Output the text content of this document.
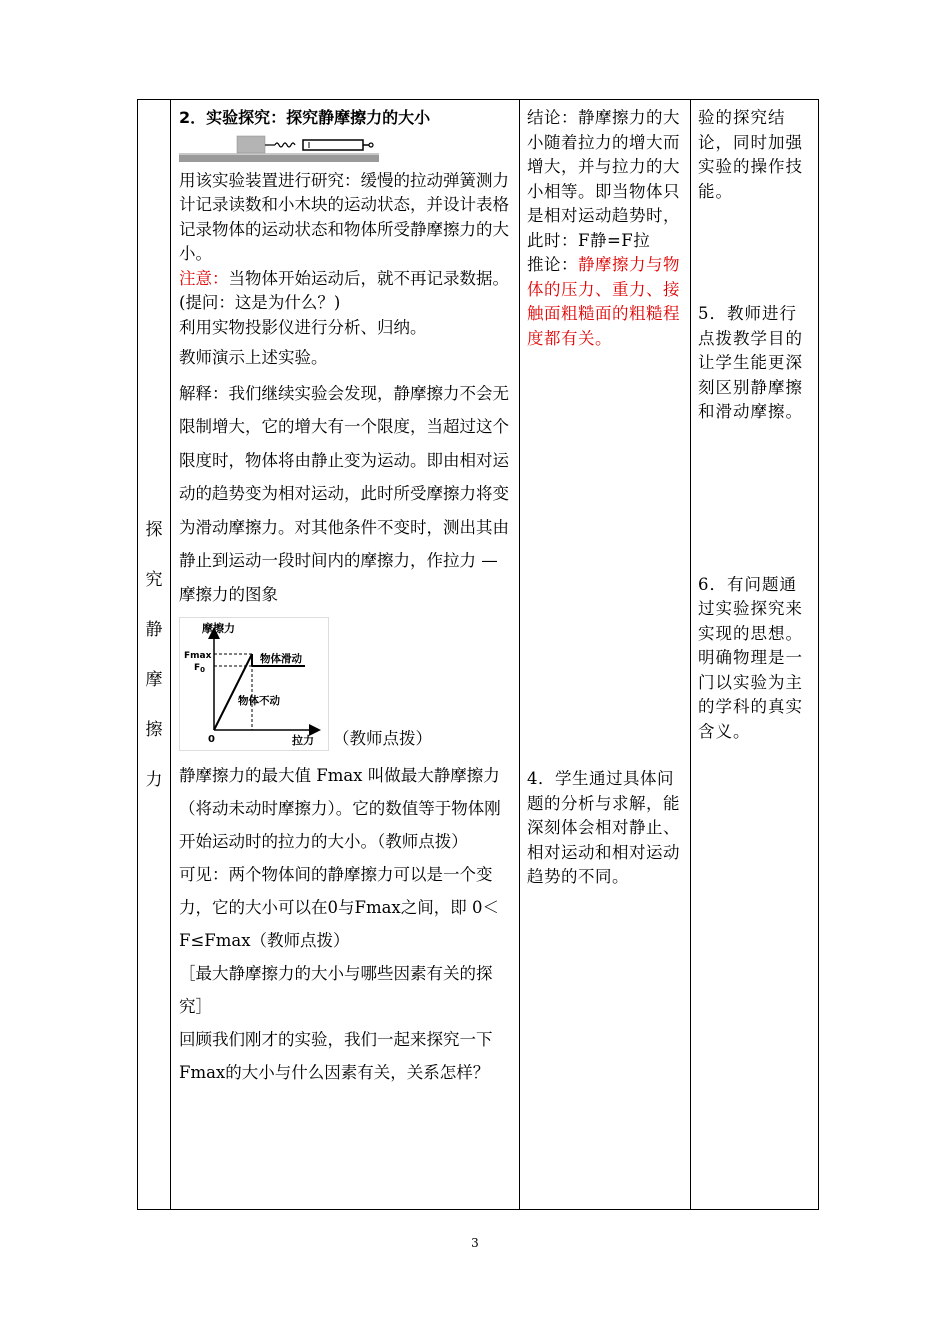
探
究
静
摩
擦
力

2．实验探究：探究静摩擦力的大小

用该实验装置进行研究：缓慢的拉动弹簧测力计记录读数和小木块的运动状态，并设计表格记录物体的运动状态和物体所受静摩擦力的大小。

注意：当物体开始运动后，就不再记录数据。(提问：这是为什么？)

利用实物投影仪进行分析、归纳。

教师演示上述实验。

解释：我们继续实验会发现，静摩擦力不会无限制增大，它的增大有一个限度，当超过这个限度时，物体将由静止变为运动。即由相对运动的趋势变为相对运动，此时所受摩擦力将变为滑动摩擦力。对其他条件不变时，测出其由静止到运动一段时间内的摩擦力，作拉力 —摩擦力的图象

摩擦力
Fmax
$F_0$
物体滑动
物体不动
0	拉力 （教师点拨）

静摩擦力的最大值 Fmax 叫做最大静摩擦力（将动未动时摩擦力）。它的数值等于物体刚开始运动时的拉力的大小。（教师点拨）

可见：两个物体间的静摩擦力可以是一个变力，它的大小可以在0与Fmax之间，即 0＜F≤Fmax（教师点拨）

［最大静摩擦力的大小与哪些因素有关的探究］

回顾我们刚才的实验，我们一起来探究一下Fmax的大小与什么因素有关，关系怎样？

结论：静摩擦力的大小随着拉力的增大而增大，并与拉力的大小相等。即当物体只是相对运动趋势时，此时：F静=F拉

推论：静摩擦力与物体的压力、重力、接触面粗糙面的粗糙程度都有关。

4．学生通过具体问题的分析与求解，能深刻体会相对静止、相对运动和相对运动趋势的不同。

验的探究结论，同时加强实验的操作技能。

5．教师进行点拨教学目的让学生能更深刻区别静摩擦和滑动摩擦。

6．有问题通过实验探究来实现的思想。明确物理是一门以实验为主的学科的真实含义。

3
